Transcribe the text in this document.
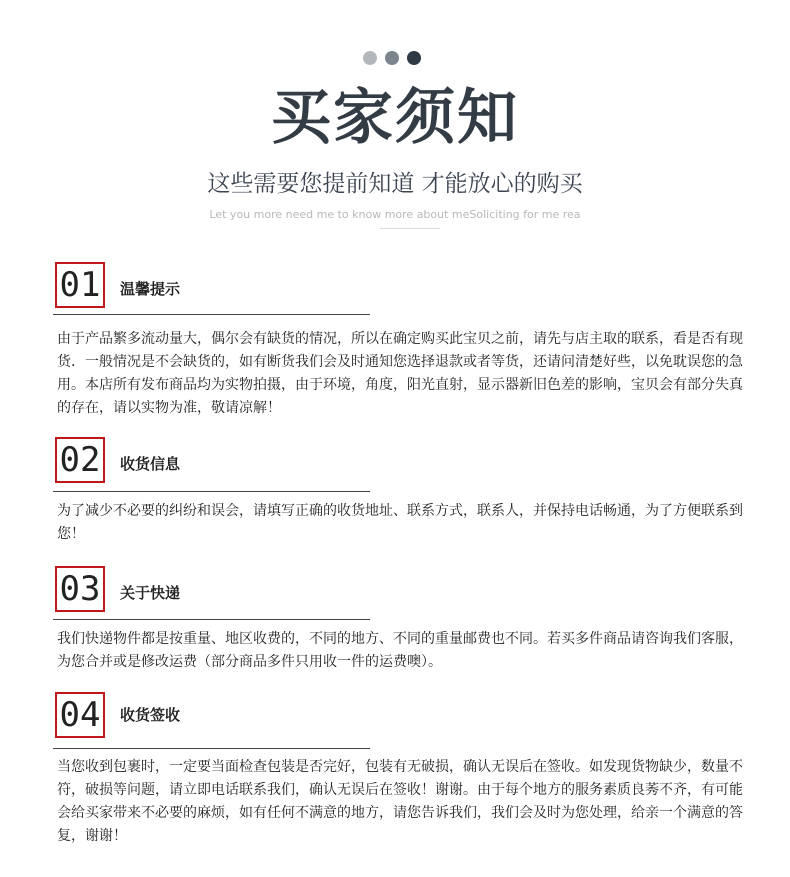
买家须知
这些需要您提前知道 才能放心的购买
Let you more need me to know more about meSoliciting for me rea
01	温馨提示
由于产品繁多流动量大，偶尔会有缺货的情况，所以在确定购买此宝贝之前，请先与店主取的联系，看是否有现货．一般情况是不会缺货的，如有断货我们会及时通知您选择退款或者等货，还请问清楚好些，以免耽误您的急用。本店所有发布商品均为实物拍摄，由于环境，角度，阳光直射，显示器新旧色差的影响，宝贝会有部分失真的存在，请以实物为准，敬请凉解！
02	收货信息
为了减少不必要的纠纷和误会，请填写正确的收货地址、联系方式，联系人，并保持电话畅通，为了方便联系到您！
03	关于快递
我们快递物件都是按重量、地区收费的，不同的地方、不同的重量邮费也不同。若买多件商品请咨询我们客服，为您合并或是修改运费（部分商品多件只用收一件的运费噢）。
04	收货签收
当您收到包裹时，一定要当面检查包装是否完好，包装有无破损，确认无误后在签收。如发现货物缺少，数量不符，破损等问题，请立即电话联系我们，确认无误后在签收！谢谢。由于每个地方的服务素质良莠不齐，有可能会给买家带来不必要的麻烦，如有任何不满意的地方，请您告诉我们，我们会及时为您处理，给亲一个满意的答复，谢谢！
